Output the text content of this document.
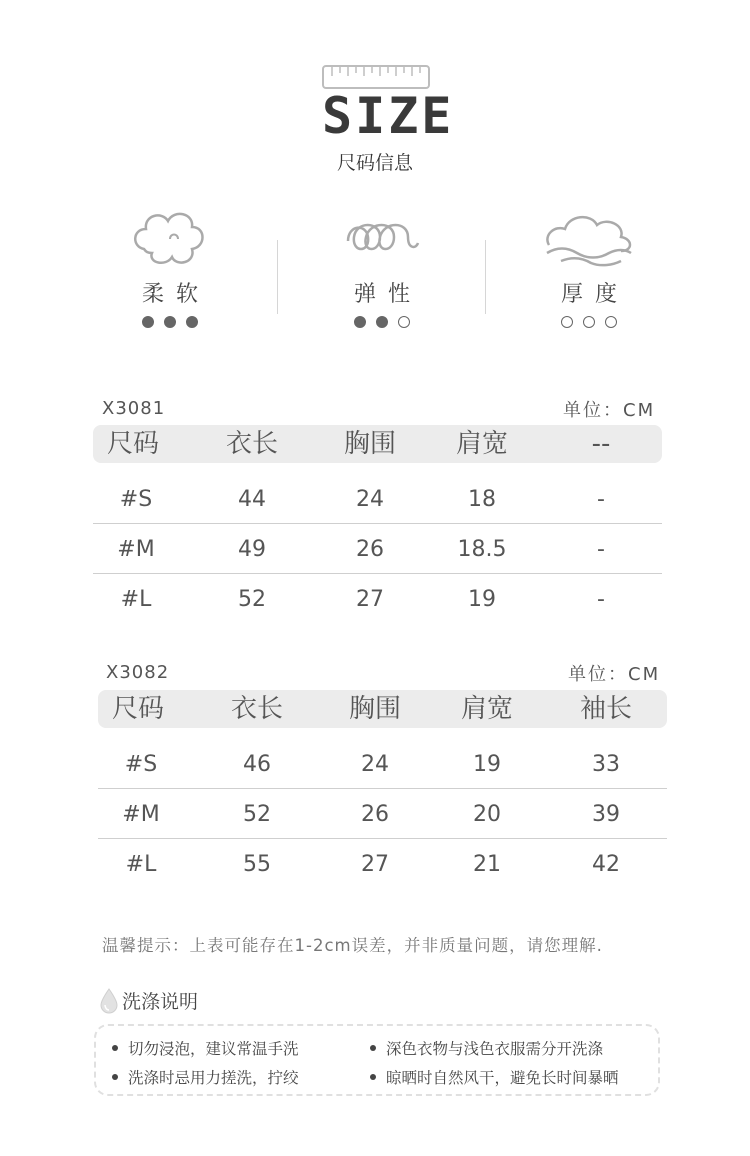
SIZE
尺码信息
柔软	弹性	厚度
X3081	单位：CM
尺码	衣长	胸围	肩宽	--
#S	44	24	18	-
#M	49	26	18.5	-
#L	52	27	19	-
X3082	单位：CM
尺码	衣长	胸围	肩宽	袖长
#S	46	24	19	33
#M	52	26	20	39
#L	55	27	21	42
温馨提示：上表可能存在1-2cm误差，并非质量问题，请您理解.
洗涤说明
切勿浸泡，建议常温手洗	深色衣物与浅色衣服需分开洗涤
洗涤时忌用力搓洗，拧绞	晾晒时自然风干，避免长时间暴晒
